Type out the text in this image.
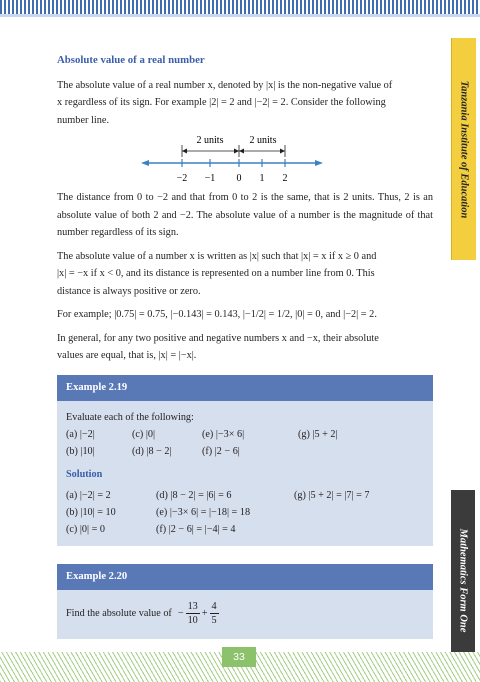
Tanzania Institute of Education
Mathematics Form One
Absolute value of a real number

The absolute value of a real number x, denoted by |x| is the non-negative value of
x regardless of its sign. For example |2| = 2 and |−2| = 2. Consider the following
number line.

2 units	2 units
−2 −1 0 1 2

The distance from 0 to −2 and that from 0 to 2 is the same, that is 2 units. Thus, 2 is an absolute value of both 2 and −2. The absolute value of a number is the magnitude of that number regardless of its sign.

The absolute value of a number x is written as |x| such that |x| = x if x ≥ 0 and
|x| = −x if x < 0, and its distance is represented on a number line from 0. This
distance is always positive or zero.

For example; |0.75| = 0.75, |−0.143| = 0.143, |−1/2| = 1/2, |0| = 0, and |−2| = 2.

In general, for any two positive and negative numbers x and −x, their absolute
values are equal, that is, |x| = |−x|.

Example 2.19
Evaluate each of the following:
(a) |−2|	(c) |0|	(e) |−3× 6|	(g) |5 + 2|
(b) |10|	(d) |8 − 2|	(f) |2 − 6|
Solution
(a) |−2| = 2	(d) |8 − 2| = |6| = 6	(g) |5 + 2| = |7| = 7
(b) |10| = 10	(e) |−3× 6| = |−18| = 18
(c) |0| = 0	(f) |2 − 6| = |−4| = 4
Example 2.20
Find the absolute value of − $\frac{13}{10} + \frac{4}{5}$
33
